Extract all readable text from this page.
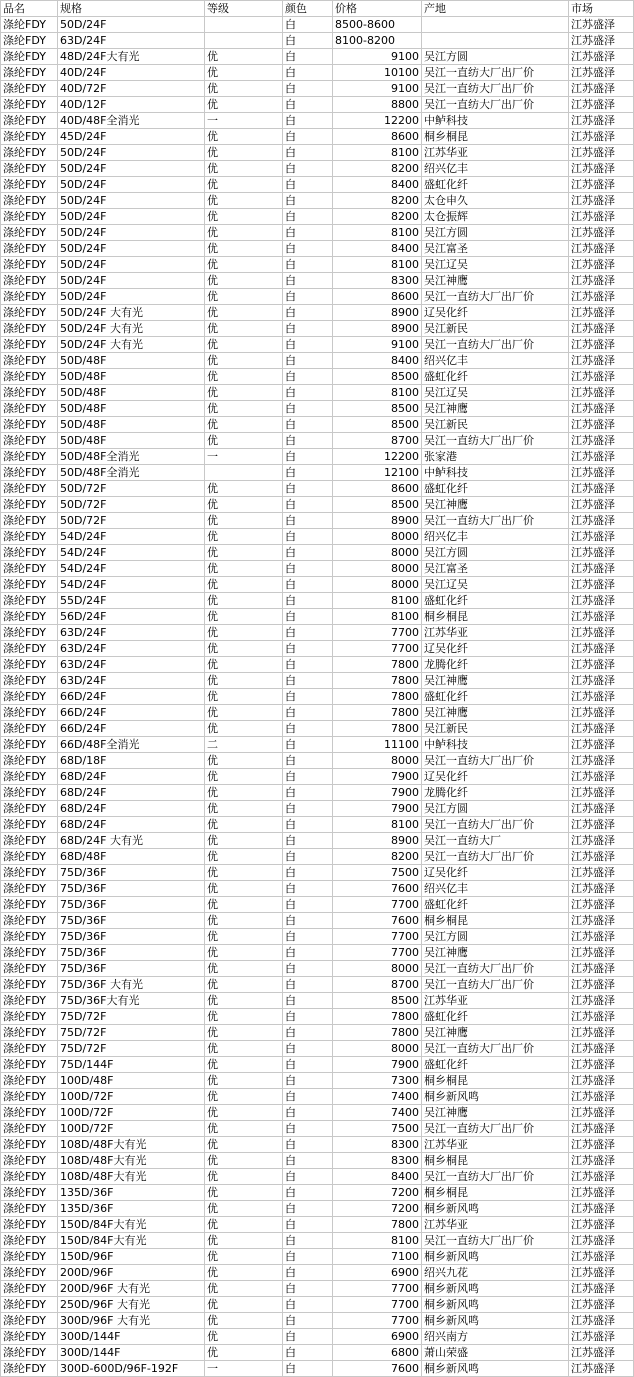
品名	规格	等级	颜色	价格	产地	市场
涤纶FDY	50D/24F		白	8500-8600		江苏盛泽
涤纶FDY	63D/24F		白	8100-8200		江苏盛泽
涤纶FDY	48D/24F大有光	优	白	9100	吴江方圆	江苏盛泽
涤纶FDY	40D/24F	优	白	10100	吴江一直纺大厂出厂价	江苏盛泽
涤纶FDY	40D/72F	优	白	9100	吴江一直纺大厂出厂价	江苏盛泽
涤纶FDY	40D/12F	优	白	8800	吴江一直纺大厂出厂价	江苏盛泽
涤纶FDY	40D/48F全消光	一	白	12200	中鲈科技	江苏盛泽
涤纶FDY	45D/24F	优	白	8600	桐乡桐昆	江苏盛泽
涤纶FDY	50D/24F	优	白	8100	江苏华亚	江苏盛泽
涤纶FDY	50D/24F	优	白	8200	绍兴亿丰	江苏盛泽
涤纶FDY	50D/24F	优	白	8400	盛虹化纤	江苏盛泽
涤纶FDY	50D/24F	优	白	8200	太仓申久	江苏盛泽
涤纶FDY	50D/24F	优	白	8200	太仓振辉	江苏盛泽
涤纶FDY	50D/24F	优	白	8100	吴江方圆	江苏盛泽
涤纶FDY	50D/24F	优	白	8400	吴江富圣	江苏盛泽
涤纶FDY	50D/24F	优	白	8100	吴江辽吴	江苏盛泽
涤纶FDY	50D/24F	优	白	8300	吴江神鹰	江苏盛泽
涤纶FDY	50D/24F	优	白	8600	吴江一直纺大厂出厂价	江苏盛泽
涤纶FDY	50D/24F 大有光	优	白	8900	辽吴化纤	江苏盛泽
涤纶FDY	50D/24F 大有光	优	白	8900	吴江新民	江苏盛泽
涤纶FDY	50D/24F 大有光	优	白	9100	吴江一直纺大厂出厂价	江苏盛泽
涤纶FDY	50D/48F	优	白	8400	绍兴亿丰	江苏盛泽
涤纶FDY	50D/48F	优	白	8500	盛虹化纤	江苏盛泽
涤纶FDY	50D/48F	优	白	8100	吴江辽吴	江苏盛泽
涤纶FDY	50D/48F	优	白	8500	吴江神鹰	江苏盛泽
涤纶FDY	50D/48F	优	白	8500	吴江新民	江苏盛泽
涤纶FDY	50D/48F	优	白	8700	吴江一直纺大厂出厂价	江苏盛泽
涤纶FDY	50D/48F全消光	一	白	12200	张家港	江苏盛泽
涤纶FDY	50D/48F全消光		白	12100	中鲈科技	江苏盛泽
涤纶FDY	50D/72F	优	白	8600	盛虹化纤	江苏盛泽
涤纶FDY	50D/72F	优	白	8500	吴江神鹰	江苏盛泽
涤纶FDY	50D/72F	优	白	8900	吴江一直纺大厂出厂价	江苏盛泽
涤纶FDY	54D/24F	优	白	8000	绍兴亿丰	江苏盛泽
涤纶FDY	54D/24F	优	白	8000	吴江方圆	江苏盛泽
涤纶FDY	54D/24F	优	白	8000	吴江富圣	江苏盛泽
涤纶FDY	54D/24F	优	白	8000	吴江辽吴	江苏盛泽
涤纶FDY	55D/24F	优	白	8100	盛虹化纤	江苏盛泽
涤纶FDY	56D/24F	优	白	8100	桐乡桐昆	江苏盛泽
涤纶FDY	63D/24F	优	白	7700	江苏华亚	江苏盛泽
涤纶FDY	63D/24F	优	白	7700	辽吴化纤	江苏盛泽
涤纶FDY	63D/24F	优	白	7800	龙腾化纤	江苏盛泽
涤纶FDY	63D/24F	优	白	7800	吴江神鹰	江苏盛泽
涤纶FDY	66D/24F	优	白	7800	盛虹化纤	江苏盛泽
涤纶FDY	66D/24F	优	白	7800	吴江神鹰	江苏盛泽
涤纶FDY	66D/24F	优	白	7800	吴江新民	江苏盛泽
涤纶FDY	66D/48F全消光	二	白	11100	中鲈科技	江苏盛泽
涤纶FDY	68D/18F	优	白	8000	吴江一直纺大厂出厂价	江苏盛泽
涤纶FDY	68D/24F	优	白	7900	辽吴化纤	江苏盛泽
涤纶FDY	68D/24F	优	白	7900	龙腾化纤	江苏盛泽
涤纶FDY	68D/24F	优	白	7900	吴江方圆	江苏盛泽
涤纶FDY	68D/24F	优	白	8100	吴江一直纺大厂出厂价	江苏盛泽
涤纶FDY	68D/24F 大有光	优	白	8900	吴江一直纺大厂	江苏盛泽
涤纶FDY	68D/48F	优	白	8200	吴江一直纺大厂出厂价	江苏盛泽
涤纶FDY	75D/36F	优	白	7500	辽吴化纤	江苏盛泽
涤纶FDY	75D/36F	优	白	7600	绍兴亿丰	江苏盛泽
涤纶FDY	75D/36F	优	白	7700	盛虹化纤	江苏盛泽
涤纶FDY	75D/36F	优	白	7600	桐乡桐昆	江苏盛泽
涤纶FDY	75D/36F	优	白	7700	吴江方圆	江苏盛泽
涤纶FDY	75D/36F	优	白	7700	吴江神鹰	江苏盛泽
涤纶FDY	75D/36F	优	白	8000	吴江一直纺大厂出厂价	江苏盛泽
涤纶FDY	75D/36F 大有光	优	白	8700	吴江一直纺大厂出厂价	江苏盛泽
涤纶FDY	75D/36F大有光	优	白	8500	江苏华亚	江苏盛泽
涤纶FDY	75D/72F	优	白	7800	盛虹化纤	江苏盛泽
涤纶FDY	75D/72F	优	白	7800	吴江神鹰	江苏盛泽
涤纶FDY	75D/72F	优	白	8000	吴江一直纺大厂出厂价	江苏盛泽
涤纶FDY	75D/144F	优	白	7900	盛虹化纤	江苏盛泽
涤纶FDY	100D/48F	优	白	7300	桐乡桐昆	江苏盛泽
涤纶FDY	100D/72F	优	白	7400	桐乡新风鸣	江苏盛泽
涤纶FDY	100D/72F	优	白	7400	吴江神鹰	江苏盛泽
涤纶FDY	100D/72F	优	白	7500	吴江一直纺大厂出厂价	江苏盛泽
涤纶FDY	108D/48F大有光	优	白	8300	江苏华亚	江苏盛泽
涤纶FDY	108D/48F大有光	优	白	8300	桐乡桐昆	江苏盛泽
涤纶FDY	108D/48F大有光	优	白	8400	吴江一直纺大厂出厂价	江苏盛泽
涤纶FDY	135D/36F	优	白	7200	桐乡桐昆	江苏盛泽
涤纶FDY	135D/36F	优	白	7200	桐乡新风鸣	江苏盛泽
涤纶FDY	150D/84F大有光	优	白	7800	江苏华亚	江苏盛泽
涤纶FDY	150D/84F大有光	优	白	8100	吴江一直纺大厂出厂价	江苏盛泽
涤纶FDY	150D/96F	优	白	7100	桐乡新风鸣	江苏盛泽
涤纶FDY	200D/96F	优	白	6900	绍兴九花	江苏盛泽
涤纶FDY	200D/96F 大有光	优	白	7700	桐乡新风鸣	江苏盛泽
涤纶FDY	250D/96F 大有光	优	白	7700	桐乡新风鸣	江苏盛泽
涤纶FDY	300D/96F 大有光	优	白	7700	桐乡新风鸣	江苏盛泽
涤纶FDY	300D/144F	优	白	6900	绍兴南方	江苏盛泽
涤纶FDY	300D/144F	优	白	6800	萧山荣盛	江苏盛泽
涤纶FDY	300D-600D/96F-192F	一	白	7600	桐乡新风鸣	江苏盛泽
